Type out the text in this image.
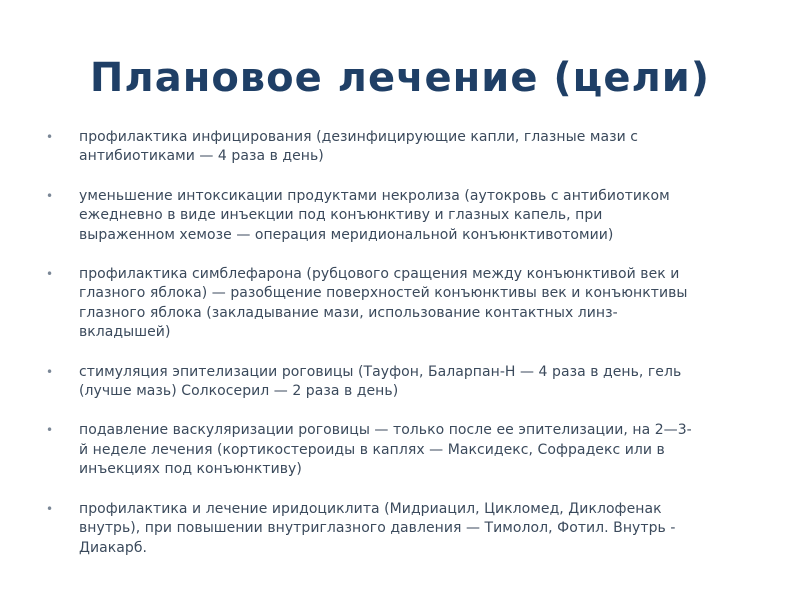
Плановое лечение (цели)
• профилактика инфицирования (дезинфицирующие капли, глазные мази с антибиотиками — 4 раза в день)
• уменьшение интоксикации продуктами некролиза (аутокровь с антибиотиком ежедневно в виде инъекции под конъюнктиву и глазных капель, при выраженном хемозе — операция меридиональной конъюнктивотомии)
• профилактика симблефарона (рубцового сращения между конъюнктивой век и глазного яблока) — разобщение поверхностей конъюнктивы век и конъюнктивы глазного яблока (закладывание мази, использование контактных линз-вкладышей)
• стимуляция эпителизации роговицы (Тауфон, Баларпан-Н — 4 раза в день, гель (лучше мазь) Солкосерил — 2 раза в день)
• подавление васкуляризации роговицы — только после ее эпителизации, на 2—3-й неделе лечения (кортикостероиды в каплях — Максидекс, Софрадекс или в инъекциях под конъюнктиву)
• профилактика и лечение иридоциклита (Мидриацил, Цикломед, Диклофенак внутрь), при повышении внутриглазного давления — Тимолол, Фотил. Внутрь - Диакарб.
